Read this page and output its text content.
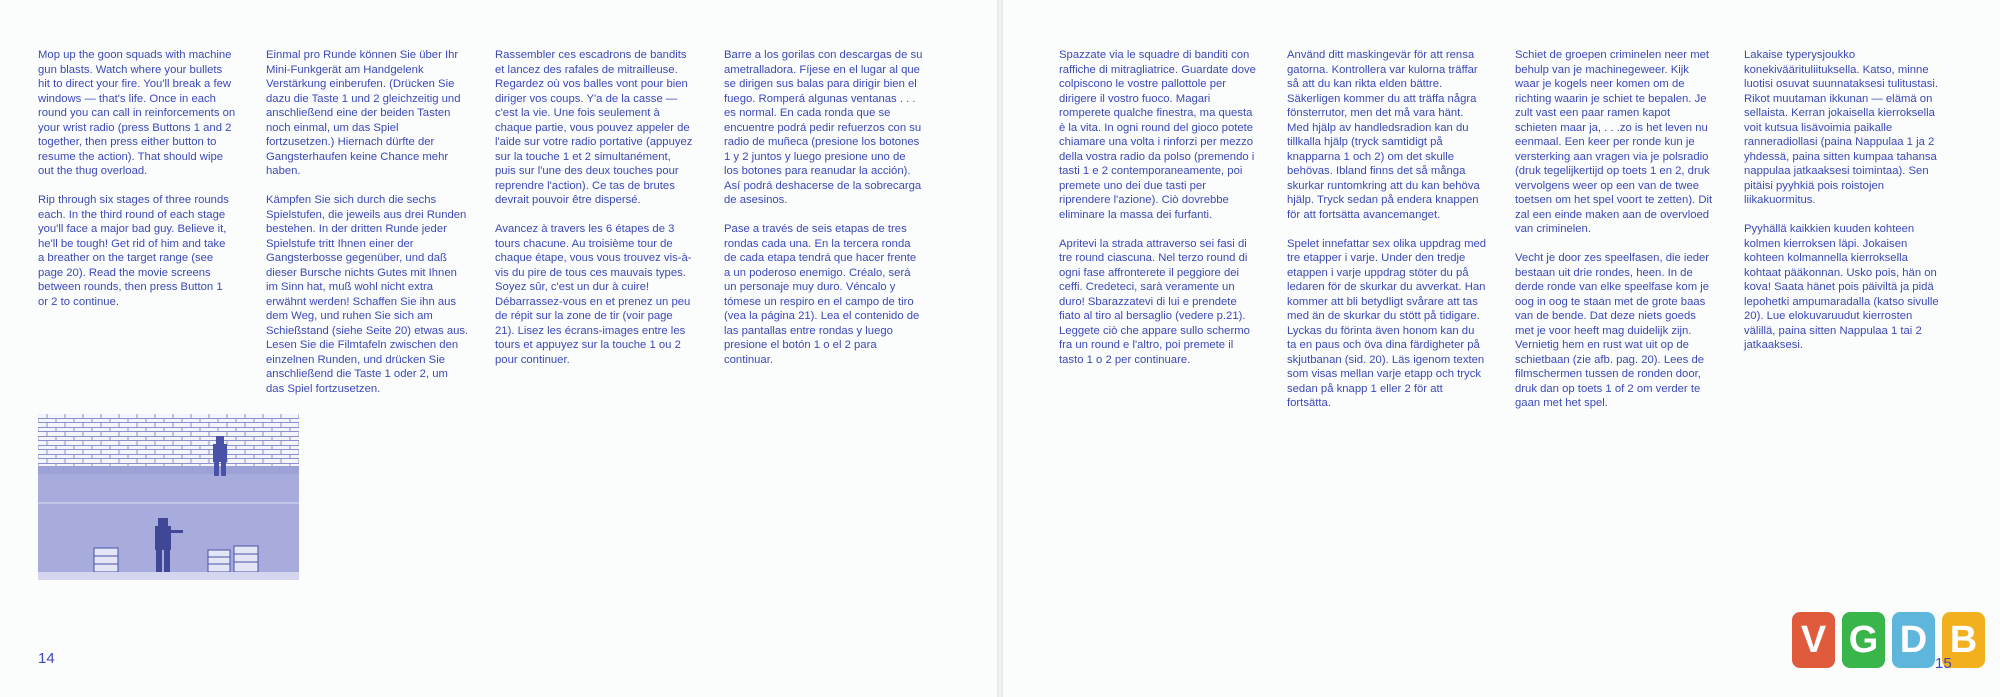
Mop up the goon squads with machine
gun blasts. Watch where your bullets
hit to direct your fire. You'll break a few
windows — that's life. Once in each
round you can call in reinforcements on
your wrist radio (press Buttons 1 and 2
together, then press either button to
resume the action). That should wipe
out the thug overload.

Rip through six stages of three rounds
each. In the third round of each stage
you'll face a major bad guy. Believe it,
he'll be tough! Get rid of him and take
a breather on the target range (see
page 20). Read the movie screens
between rounds, then press Button 1
or 2 to continue.

Einmal pro Runde können Sie über Ihr
Mini-Funkgerät am Handgelenk
Verstärkung einberufen. (Drücken Sie
dazu die Taste 1 und 2 gleichzeitig und
anschließend eine der beiden Tasten
noch einmal, um das Spiel
fortzusetzen.) Hiernach dürfte der
Gangsterhaufen keine Chance mehr
haben.

Kämpfen Sie sich durch die sechs
Spielstufen, die jeweils aus drei Runden
bestehen. In der dritten Runde jeder
Spielstufe tritt Ihnen einer der
Gangsterbosse gegenüber, und daß
dieser Bursche nichts Gutes mit Ihnen
im Sinn hat, muß wohl nicht extra
erwähnt werden! Schaffen Sie ihn aus
dem Weg, und ruhen Sie sich am
Schießstand (siehe Seite 20) etwas aus.
Lesen Sie die Filmtafeln zwischen den
einzelnen Runden, und drücken Sie
anschließend die Taste 1 oder 2, um
das Spiel fortzusetzen.

Rassembler ces escadrons de bandits
et lancez des rafales de mitrailleuse.
Regardez où vos balles vont pour bien
diriger vos coups. Y'a de la casse —
c'est la vie. Une fois seulement à
chaque partie, vous pouvez appeler de
l'aide sur votre radio portative (appuyez
sur la touche 1 et 2 simultanément,
puis sur l'une des deux touches pour
reprendre l'action). Ce tas de brutes
devrait pouvoir être dispersé.

Avancez à travers les 6 étapes de 3
tours chacune. Au troisième tour de
chaque étape, vous vous trouvez vis-à-
vis du pire de tous ces mauvais types.
Soyez sûr, c'est un dur à cuire!
Débarrassez-vous en et prenez un peu
de répit sur la zone de tir (voir page
21). Lisez les écrans-images entre les
tours et appuyez sur la touche 1 ou 2
pour continuer.

Barre a los gorilas con descargas de su
ametralladora. Fíjese en el lugar al que
se dirigen sus balas para dirigir bien el
fuego. Romperá algunas ventanas . . .
es normal. En cada ronda que se
encuentre podrá pedir refuerzos con su
radio de muñeca (presione los botones
1 y 2 juntos y luego presione uno de
los botones para reanudar la acción).
Así podrá deshacerse de la sobrecarga
de asesinos.

Pase a través de seis etapas de tres
rondas cada una. En la tercera ronda
de cada etapa tendrá que hacer frente
a un poderoso enemigo. Créalo, será
un personaje muy duro. Véncalo y
tómese un respiro en el campo de tiro
(vea la página 21). Lea el contenido de
las pantallas entre rondas y luego
presione el botón 1 o el 2 para
continuar.

14

Spazzate via le squadre di banditi con
raffiche di mitragliatrice. Guardate dove
colpiscono le vostre pallottole per
dirigere il vostro fuoco. Magari
romperete qualche finestra, ma questa
è la vita. In ogni round del gioco potete
chiamare una volta i rinforzi per mezzo
della vostra radio da polso (premendo i
tasti 1 e 2 contemporaneamente, poi
premete uno dei due tasti per
riprendere l'azione). Ciò dovrebbe
eliminare la massa dei furfanti.

Apritevi la strada attraverso sei fasi di
tre round ciascuna. Nel terzo round di
ogni fase affronterete il peggiore dei
ceffi. Credeteci, sarà veramente un
duro! Sbarazzatevi di lui e prendete
fiato al tiro al bersaglio (vedere p.21).
Leggete ciò che appare sullo schermo
fra un round e l'altro, poi premete il
tasto 1 o 2 per continuare.

Använd ditt maskingevär för att rensa
gatorna. Kontrollera var kulorna träffar
så att du kan rikta elden bättre.
Säkerligen kommer du att träffa några
fönsterrutor, men det må vara hänt.
Med hjälp av handledsradion kan du
tillkalla hjälp (tryck samtidigt på
knapparna 1 och 2) om det skulle
behövas. Ibland finns det så många
skurkar runtomkring att du kan behöva
hjälp. Tryck sedan på endera knappen
för att fortsätta avancemanget.

Spelet innefattar sex olika uppdrag med
tre etapper i varje. Under den tredje
etappen i varje uppdrag stöter du på
ledaren för de skurkar du avverkat. Han
kommer att bli betydligt svårare att tas
med än de skurkar du stött på tidigare.
Lyckas du förinta även honom kan du
ta en paus och öva dina färdigheter på
skjutbanan (sid. 20). Läs igenom texten
som visas mellan varje etapp och tryck
sedan på knapp 1 eller 2 för att
fortsätta.

Schiet de groepen criminelen neer met
behulp van je machinegeweer. Kijk
waar je kogels neer komen om de
richting waarin je schiet te bepalen. Je
zult vast een paar ramen kapot
schieten maar ja, . . .zo is het leven nu
eenmaal. Een keer per ronde kun je
versterking aan vragen via je polsradio
(druk tegelijkertijd op toets 1 en 2, druk
vervolgens weer op een van de twee
toetsen om het spel voort te zetten). Dit
zal een einde maken aan de overvloed
van criminelen.

Vecht je door zes speelfasen, die ieder
bestaan uit drie rondes, heen. In de
derde ronde van elke speelfase kom je
oog in oog te staan met de grote baas
van de bende. Dat deze niets goeds
met je voor heeft mag duidelijk zijn.
Vernietig hem en rust wat uit op de
schietbaan (zie afb. pag. 20). Lees de
filmschermen tussen de ronden door,
druk dan op toets 1 of 2 om verder te
gaan met het spel.

Lakaise typerysjoukko
konekiväärituliituksella. Katso, minne
luotisi osuvat suunnataksesi tulitustasi.
Rikot muutaman ikkunan — elämä on
sellaista. Kerran jokaisella kierroksella
voit kutsua lisävoimia paikalle
ranneradiollasi (paina Nappulaa 1 ja 2
yhdessä, paina sitten kumpaa tahansa
nappulaa jatkaaksesi toimintaa). Sen
pitäisi pyyhkiä pois roistojen
liikakuormitus.

Pyyhällä kaikkien kuuden kohteen
kolmen kierroksen läpi. Jokaisen
kohteen kolmannella kierroksella
kohtaat pääkonnan. Usko pois, hän on
kova! Saata hänet pois päiviltä ja pidä
lepohetki ampumaradalla (katso sivulle
20). Lue elokuvaruudut kierrosten
välillä, paina sitten Nappulaa 1 tai 2
jatkaaksesi.

15
V G D B
